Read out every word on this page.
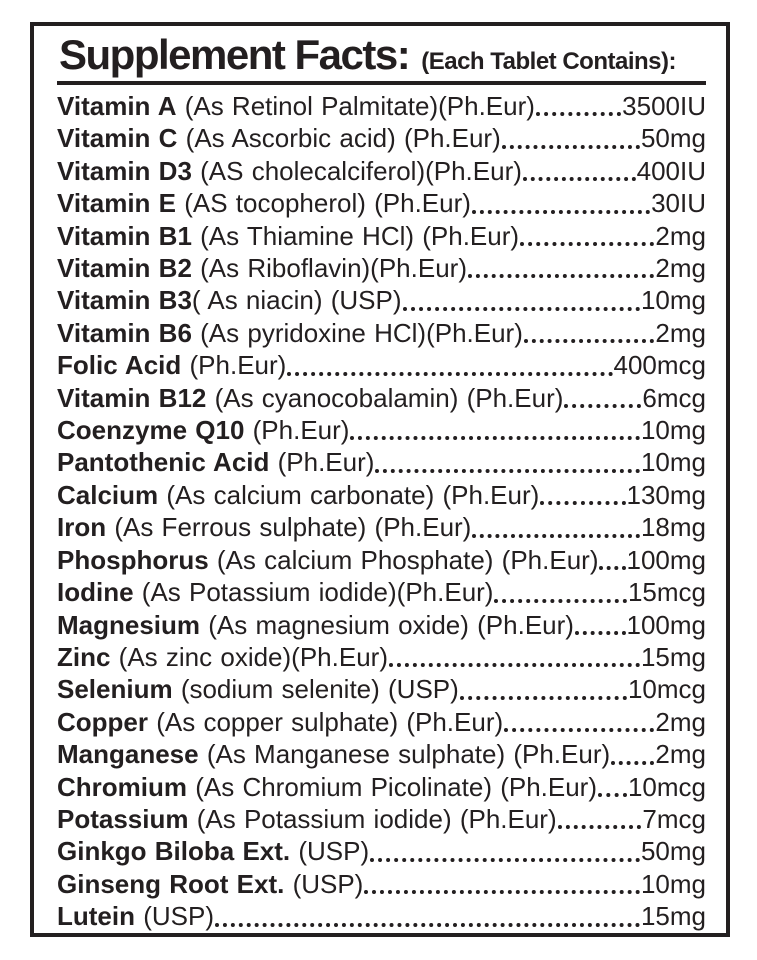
Supplement Facts: (Each Tablet Contains):
Vitamin A (As Retinol Palmitate)(Ph.Eur)	3500IU
Vitamin C (As Ascorbic acid) (Ph.Eur)	50mg
Vitamin D3 (AS cholecalciferol)(Ph.Eur)	400IU
Vitamin E (AS tocopherol) (Ph.Eur)	30IU
Vitamin B1 (As Thiamine HCl) (Ph.Eur)	2mg
Vitamin B2 (As Riboflavin)(Ph.Eur)	2mg
Vitamin B3( As niacin) (USP)	10mg
Vitamin B6 (As pyridoxine HCl)(Ph.Eur)	2mg
Folic Acid (Ph.Eur)	400mcg
Vitamin B12 (As cyanocobalamin) (Ph.Eur)	6mcg
Coenzyme Q10 (Ph.Eur)	10mg
Pantothenic Acid (Ph.Eur)	10mg
Calcium (As calcium carbonate) (Ph.Eur)	130mg
Iron (As Ferrous sulphate) (Ph.Eur)	18mg
Phosphorus (As calcium Phosphate) (Ph.Eur) 100mg
Iodine (As Potassium iodide)(Ph.Eur)	15mcg
Magnesium (As magnesium oxide) (Ph.Eur) 100mg
Zinc (As zinc oxide)(Ph.Eur)	15mg
Selenium (sodium selenite) (USP)	10mcg
Copper (As copper sulphate) (Ph.Eur)	2mg
Manganese (As Manganese sulphate) (Ph.Eur) 2mg
Chromium (As Chromium Picolinate) (Ph.Eur) 10mcg
Potassium (As Potassium iodide) (Ph.Eur)	7mcg
Ginkgo Biloba Ext. (USP)	50mg
Ginseng Root Ext. (USP)	10mg
Lutein (USP)	15mg
